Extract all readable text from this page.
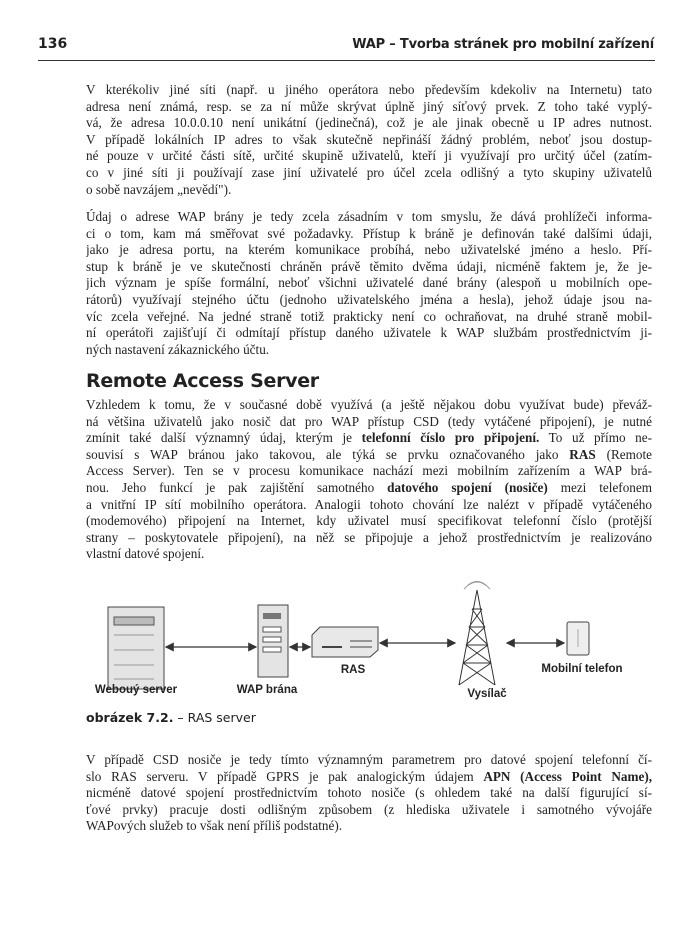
136	WAP – Tvorba stránek pro mobilní zařízení
V kterékoliv jiné síti (např. u jiného operátora nebo především kdekoliv na Internetu) tato
adresa není známá, resp. se za ní může skrývat úplně jiný síťový prvek. Z toho také vyplý-
vá, že adresa 10.0.0.10 není unikátní (jedinečná), což je ale jinak obecně u IP adres nutnost.
V případě lokálních IP adres to však skutečně nepřináší žádný problém, neboť jsou dostup-
né pouze v určité části sítě, určité skupině uživatelů, kteří ji využívají pro určitý účel (zatím-
co v jiné síti ji používají zase jiní uživatelé pro účel zcela odlišný a tyto skupiny uživatelů
o sobě navzájem „nevědí").
Údaj o adrese WAP brány je tedy zcela zásadním v tom smyslu, že dává prohlížeči informa-
ci o tom, kam má směřovat své požadavky. Přístup k bráně je definován také dalšími údaji,
jako je adresa portu, na kterém komunikace probíhá, nebo uživatelské jméno a heslo. Pří-
stup k bráně je ve skutečnosti chráněn právě těmito dvěma údaji, nicméně faktem je, že je-
jich význam je spíše formální, neboť všichni uživatelé dané brány (alespoň u mobilních ope-
rátorů) využívají stejného účtu (jednoho uživatelského jména a hesla), jehož údaje jsou na-
víc zcela veřejné. Na jedné straně totiž prakticky není co ochraňovat, na druhé straně mobil-
ní operátoři zajišťují či odmítají přístup daného uživatele k WAP službám prostřednictvím ji-
ných nastavení zákaznického účtu.
Remote Access Server
Vzhledem k tomu, že v současné době využívá (a ještě nějakou dobu využívat bude) převáž-
ná většina uživatelů jako nosič dat pro WAP přístup CSD (tedy vytáčené připojení), je nutné
zmínit také další významný údaj, kterým je telefonní číslo pro připojení. To už přímo ne-
souvisí s WAP bránou jako takovou, ale týká se prvku označovaného jako RAS (Remote
Access Server). Ten se v procesu komunikace nachází mezi mobilním zařízením a WAP brá-
nou. Jeho funkcí je pak zajištění samotného datového spojení (nosiče) mezi telefonem
a vnitřní IP sítí mobilního operátora. Analogii tohoto chování lze nalézt v případě vytáčeného
(modemového) připojení na Internet, kdy uživatel musí specifikovat telefonní číslo (protější
strany – poskytovatele připojení), na něž se připojuje a jehož prostřednictvím je realizováno
vlastní datové spojení.
Webouý server	WAP brána
RAS
Vysílač
Mobilní telefon
obrázek 7.2. – RAS server
V případě CSD nosiče je tedy tímto významným parametrem pro datové spojení telefonní čí-
slo RAS serveru. V případě GPRS je pak analogickým údajem APN (Access Point Name),
nicméně datové spojení prostřednictvím tohoto nosiče (s ohledem také na další figurující sí-
ťové prvky) pracuje dosti odlišným způsobem (z hlediska uživatele i samotného vývojáře
WAPových služeb to však není příliš podstatné).
